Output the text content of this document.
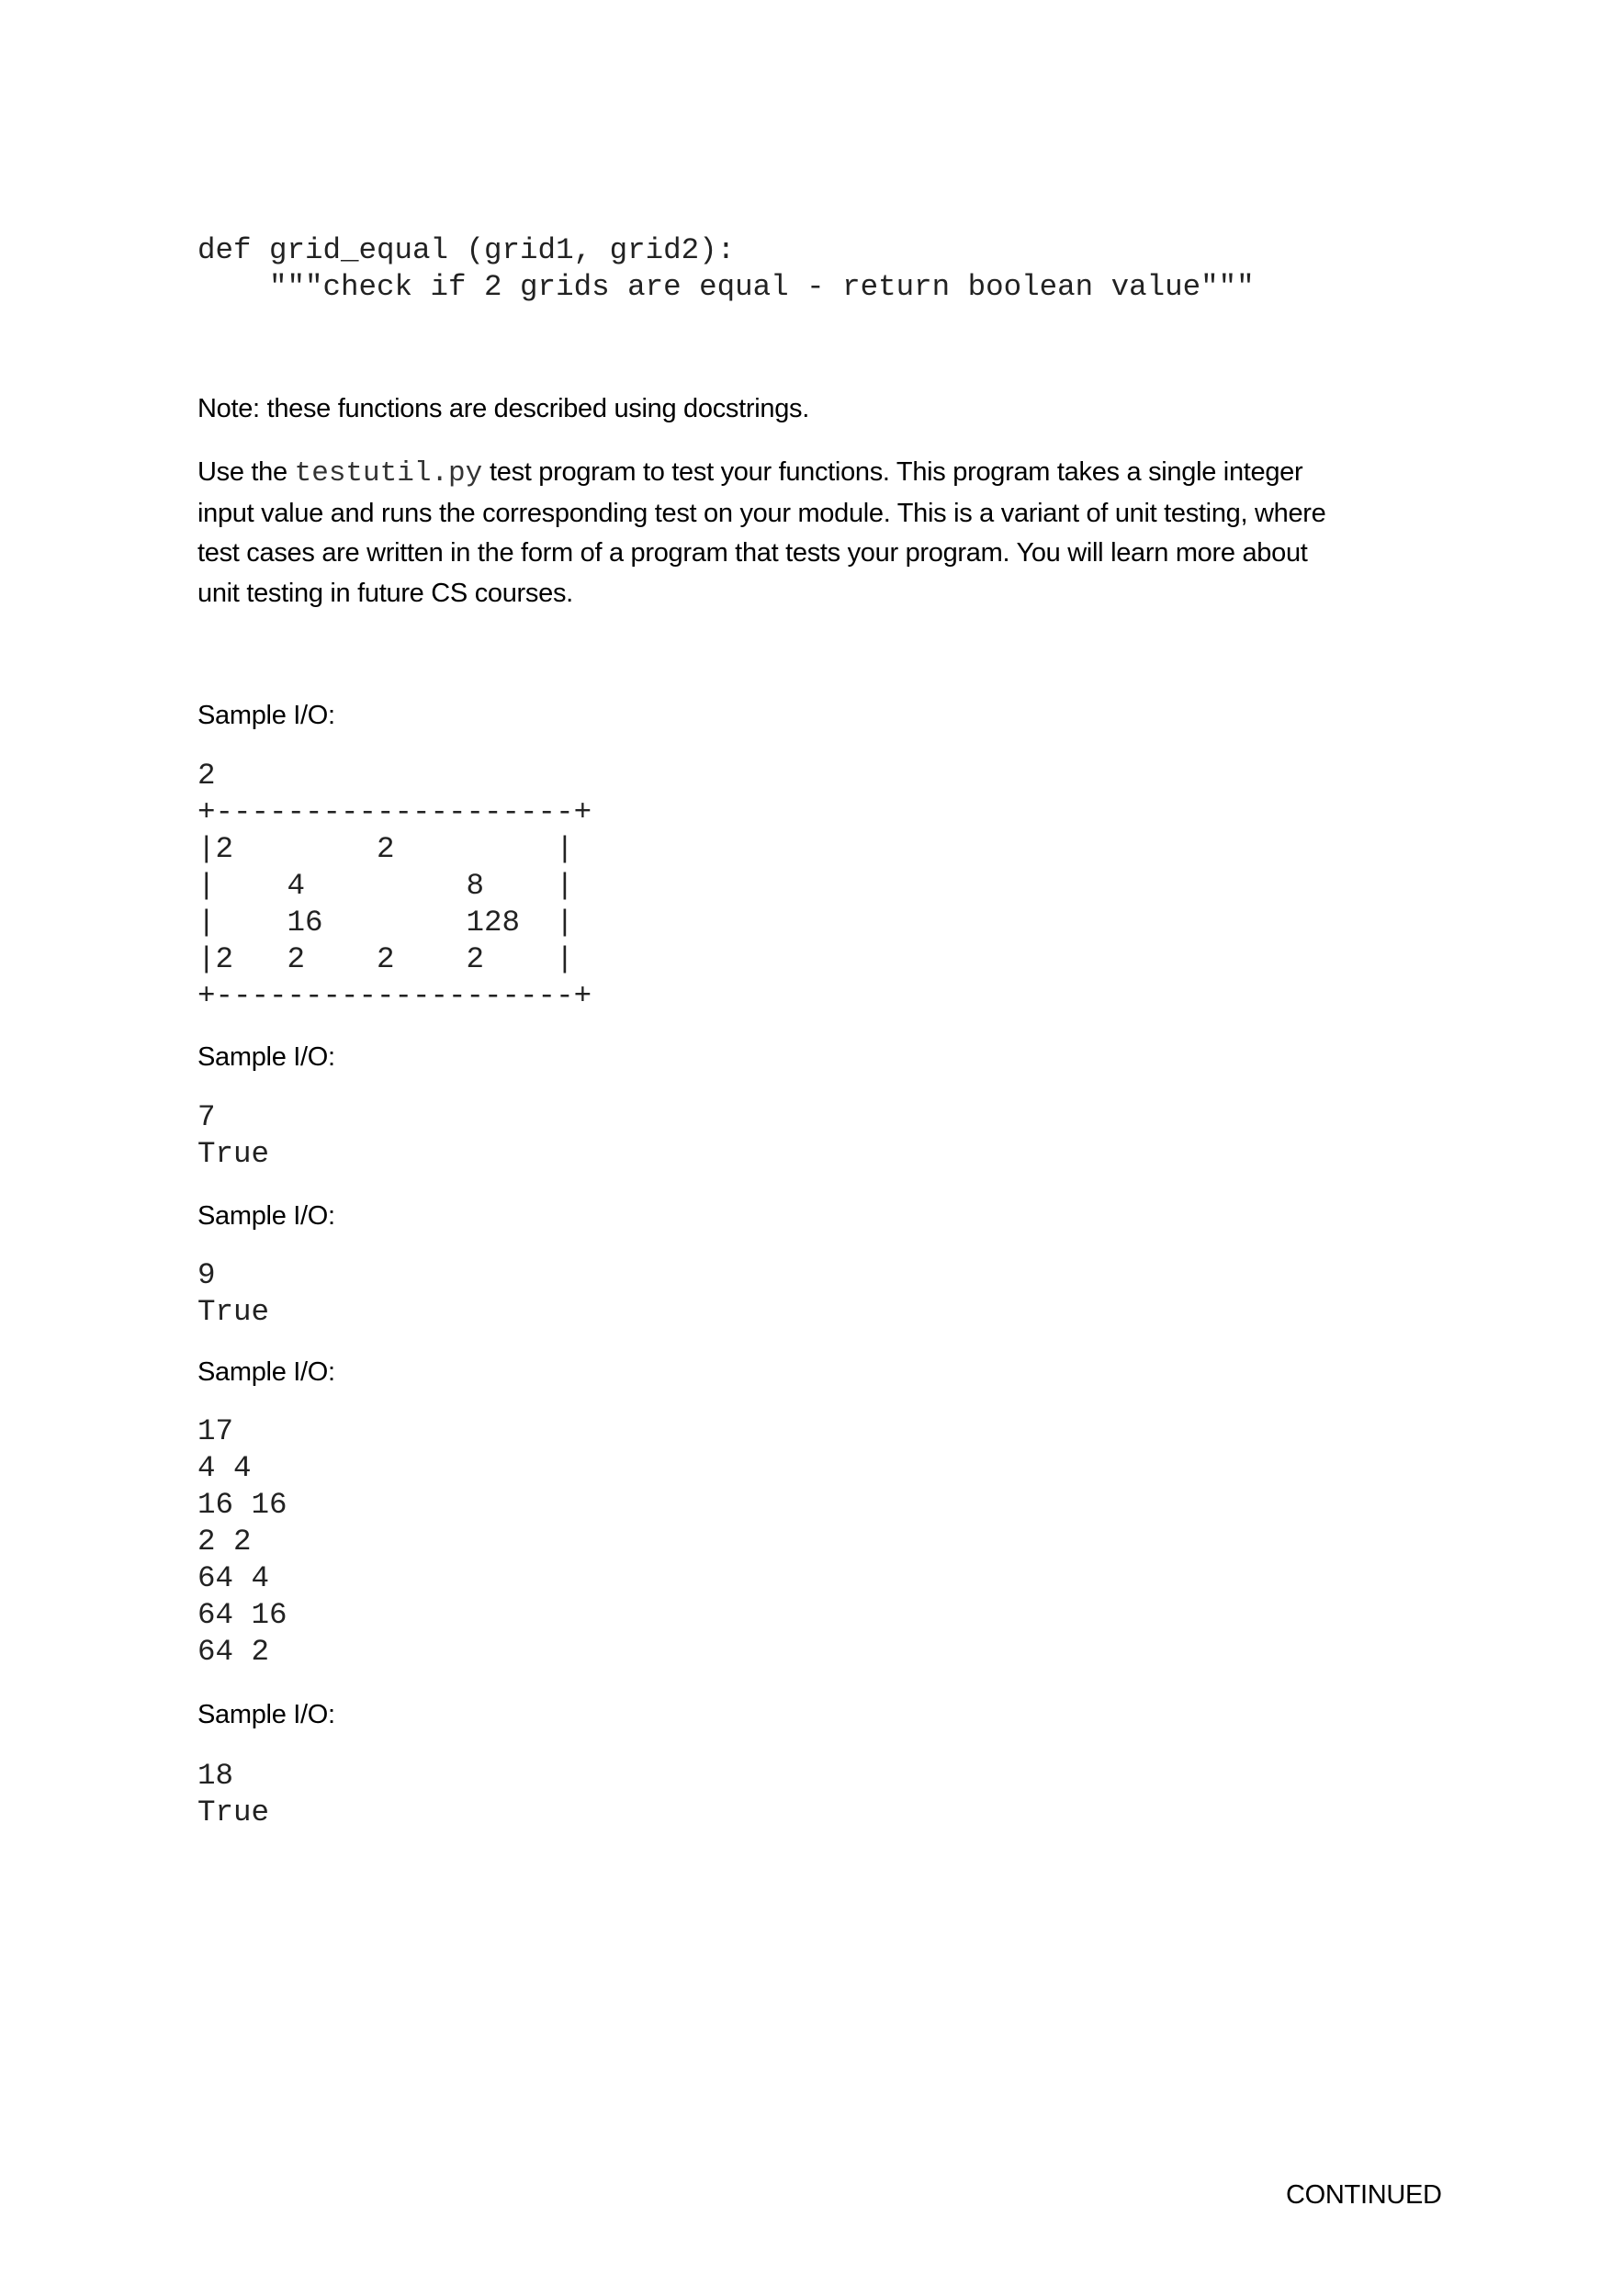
def grid_equal (grid1, grid2):
"""check if 2 grids are equal - return boolean value"""

Note: these functions are described using docstrings.

Use the testutil.py test program to test your functions. This program takes a single integer
input value and runs the corresponding test on your module. This is a variant of unit testing, where
test cases are written in the form of a program that tests your program. You will learn more about
unit testing in future CS courses.

Sample I/O:

2
+--------------------+
|2        2         |
|    4         8    |
|    16        128  |
|2   2    2    2    |
+--------------------+

Sample I/O:

7
True

Sample I/O:

9
True

Sample I/O:

17
4 4
16 16
2 2
64 4
64 16
64 2

Sample I/O:

18
True

CONTINUED
